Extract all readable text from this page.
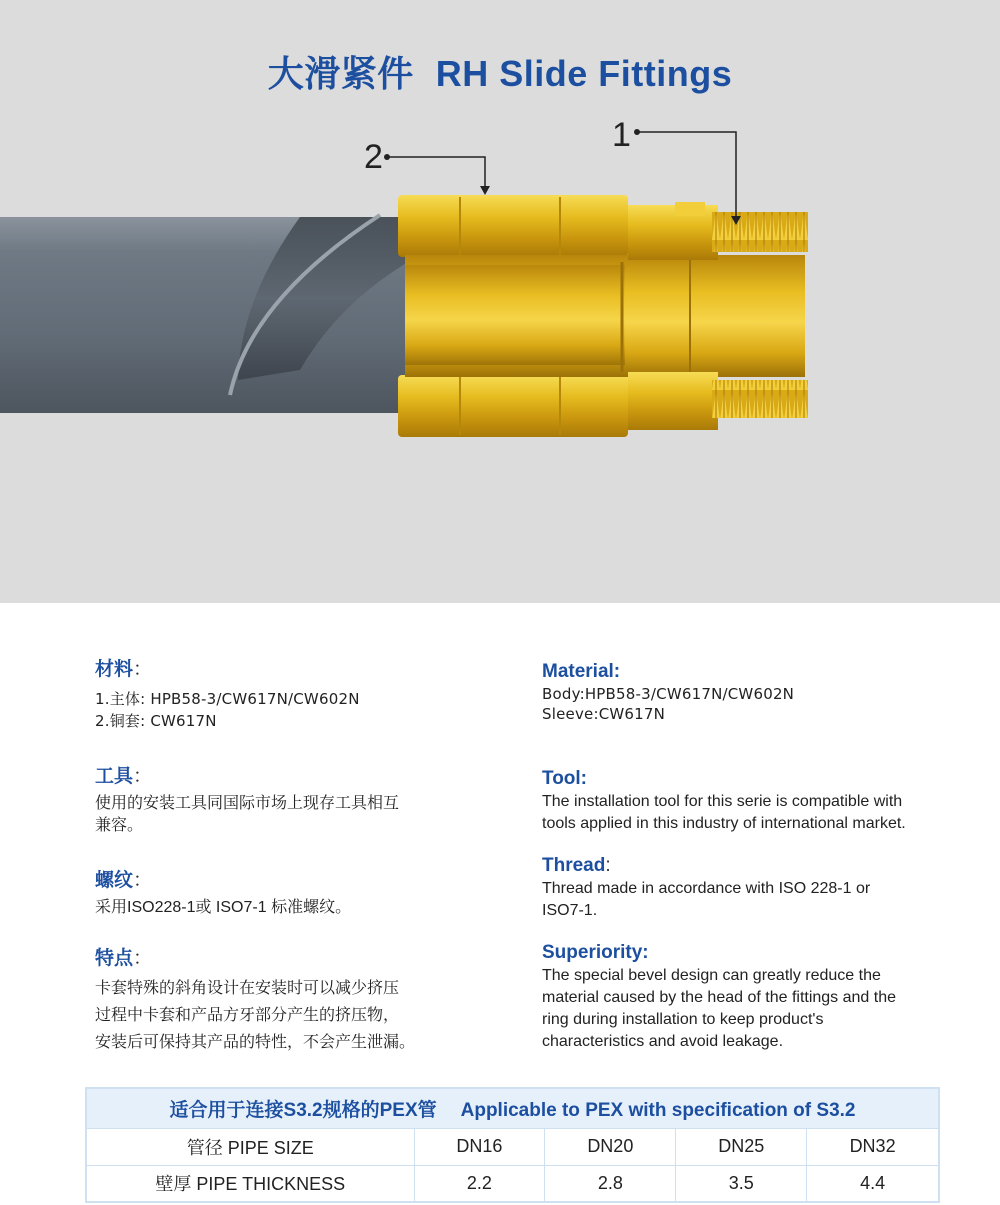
大滑紧件 RH Slide Fittings
2
1
材料：
1.主体: HPB58-3/CW617N/CW602N
2.铜套: CW617N
工具：
使用的安装工具同国际市场上现存工具相互
兼容。
螺纹：
采用ISO228-1或 ISO7-1 标准螺纹。
特点：
卡套特殊的斜角设计在安装时可以减少挤压
过程中卡套和产品方牙部分产生的挤压物，
安装后可保持其产品的特性，不会产生泄漏。
Material:
Body:HPB58-3/CW617N/CW602N
Sleeve:CW617N
Tool:
The installation tool for this serie is compatible with
tools applied in this industry of international market.
Thread:
Thread made in accordance with ISO 228-1 or
ISO7-1.
Superiority:
The special bevel design can greatly reduce the
material caused by the head of the fittings and the
ring during installation to keep product's
characteristics and avoid leakage.
适合用于连接S3.2规格的PEX管 Applicable to PEX with specification of S3.2				
管径 PIPE SIZE	DN16	DN20	DN25	DN32
壁厚 PIPE THICKNESS	2.2	2.8	3.5	4.4
